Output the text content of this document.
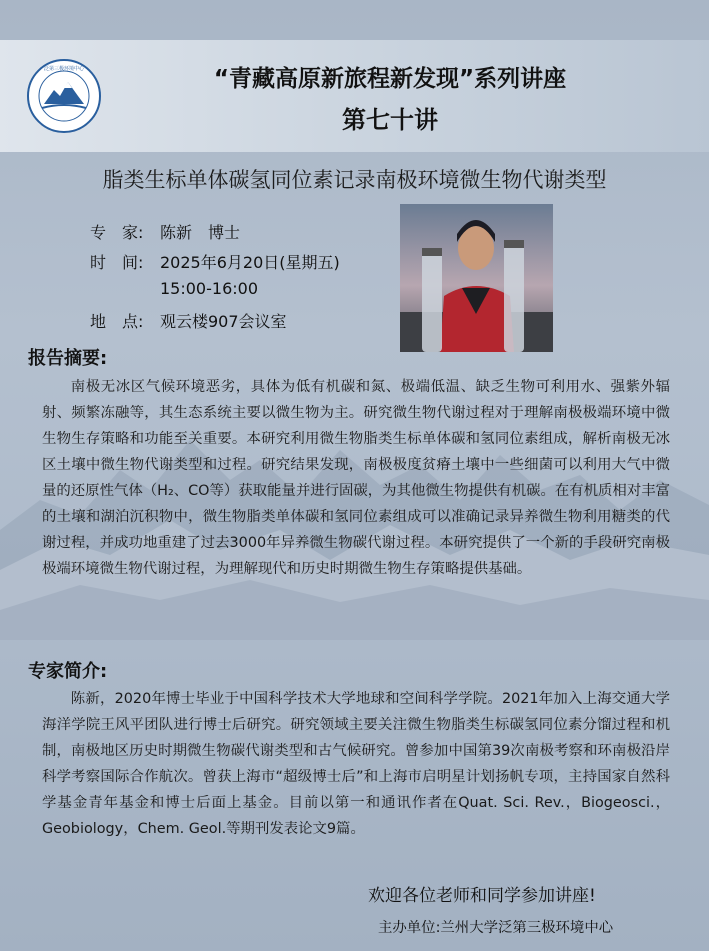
泛第三极环境中心	“青藏高原新旅程新发现”系列讲座
第七十讲
脂类生标单体碳氢同位素记录南极环境微生物代谢类型
专　家: 陈新　博士
时　间: 2025年6月20日(星期五)
15:00-16:00
地　点: 观云楼907会议室
报告摘要:
南极无冰区气候环境恶劣，具体为低有机碳和氮、极端低温、缺乏生物可利用水、强紫外辐射、频繁冻融等，其生态系统主要以微生物为主。研究微生物代谢过程对于理解南极极端环境中微生物生存策略和功能至关重要。本研究利用微生物脂类生标单体碳和氢同位素组成，解析南极无冰区土壤中微生物代谢类型和过程。研究结果发现，南极极度贫瘠土壤中一些细菌可以利用大气中微量的还原性气体（H₂、CO等）获取能量并进行固碳，为其他微生物提供有机碳。在有机质相对丰富的土壤和湖泊沉积物中，微生物脂类单体碳和氢同位素组成可以准确记录异养微生物利用糖类的代谢过程，并成功地重建了过去3000年异养微生物碳代谢过程。本研究提供了一个新的手段研究南极极端环境微生物代谢过程，为理解现代和历史时期微生物生存策略提供基础。
专家简介:
陈新，2020年博士毕业于中国科学技术大学地球和空间科学学院。2021年加入上海交通大学海洋学院王风平团队进行博士后研究。研究领域主要关注微生物脂类生标碳氢同位素分馏过程和机制，南极地区历史时期微生物碳代谢类型和古气候研究。曾参加中国第39次南极考察和环南极沿岸科学考察国际合作航次。曾获上海市“超级博士后”和上海市启明星计划扬帆专项，主持国家自然科学基金青年基金和博士后面上基金。目前以第一和通讯作者在Quat. Sci. Rev.，Biogeosci.，Geobiology，Chem. Geol.等期刊发表论文9篇。
欢迎各位老师和同学参加讲座!
主办单位:兰州大学泛第三极环境中心
